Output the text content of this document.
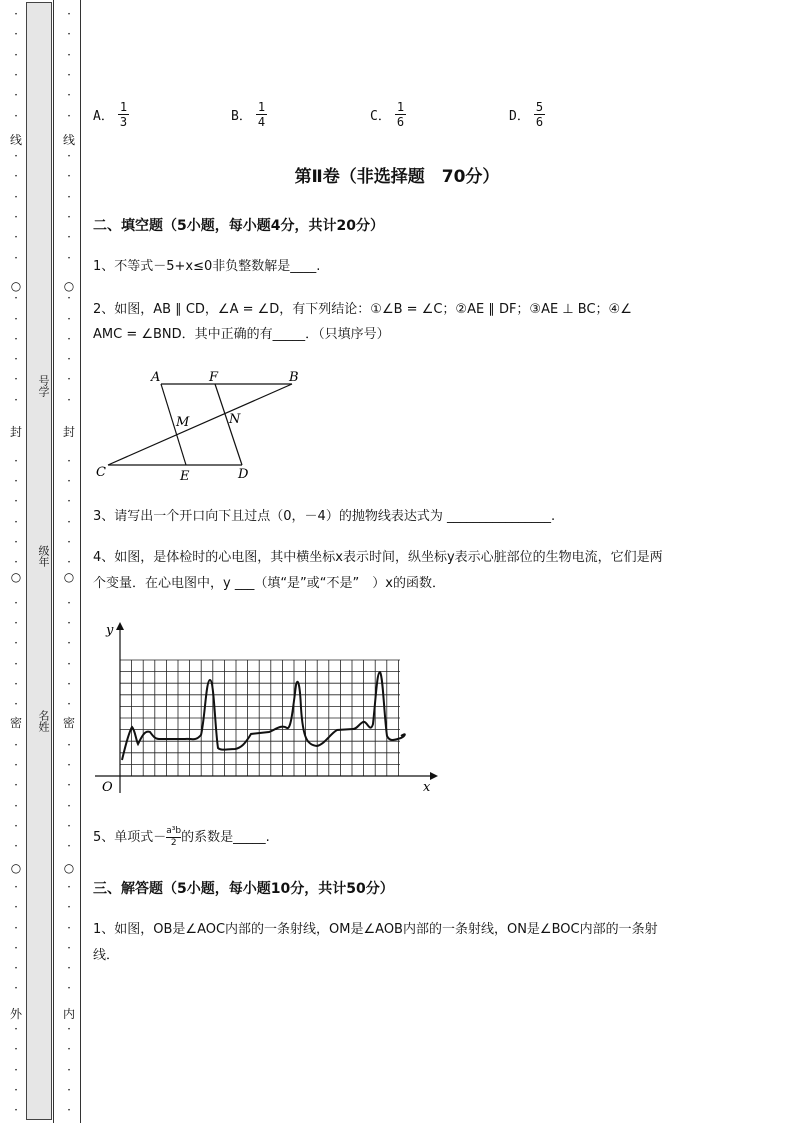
·
·
·
·
·
·
·
·
·
·
·
·
·
·
·
·
·
·
·
·
·
·
·
·
·
·
·
·
·
·
·
·
·
·
·
·
·
·
·
·
·
·
·
·
·
·
·
线
○
封
○
密
○
外
·
·
·
·
·
·
·
·
·
·
·
·
·
·
·
·
·
·
·
·
·
·
·
·
·
·
·
·
·
·
·
·
·
·
·
·
·
·
·
·
·
·
·
·
·
·
·
线
○
封
○
密
○
内
号学
级年
名姓
A． $\frac{1}{3}$	B． $\frac{1}{4}$	C． $\frac{1}{6}$	D． $\frac{5}{6}$
第Ⅱ卷（非选择题　70分）
二、填空题（5小题，每小题4分，共计20分）
1、不等式－5+x≤0非负整数解是____.
2、如图，AB ∥ CD，∠A = ∠D，有下列结论：①∠B = ∠C；②AE ∥ DF；③AE ⊥ BC；④∠
AMC = ∠BND．其中正确的有_____．（只填序号）
A	F	B
M	N
C	E	D
3、请写出一个开口向下且过点（0，－4）的抛物线表达式为 ________________.
4、如图，是体检时的心电图，其中横坐标x表示时间，纵坐标y表示心脏部位的生物电流，它们是两
个变量．在心电图中，y ___（填“是”或“不是”　）x的函数．
y
x
O
5、单项式－ $\frac{\text{a³b}}{2}$ 的系数是_____.
三、解答题（5小题，每小题10分，共计50分）
1、如图，OB是∠AOC内部的一条射线，OM是∠AOB内部的一条射线，ON是∠BOC内部的一条射
线．
